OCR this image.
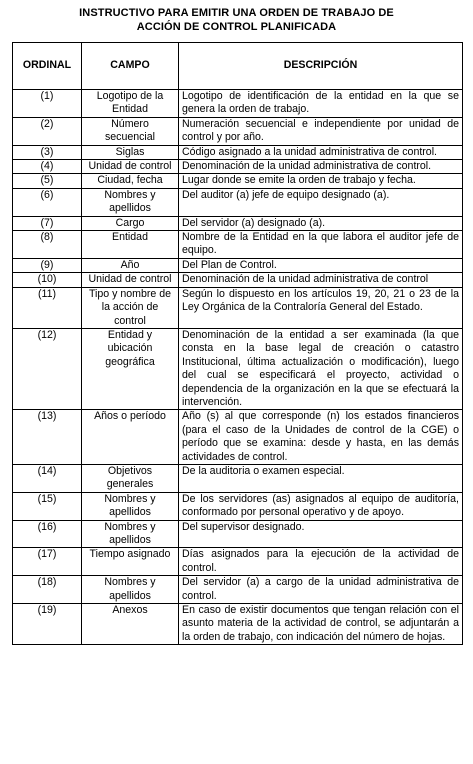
INSTRUCTIVO PARA EMITIR UNA ORDEN DE TRABAJO DE
ACCIÓN DE CONTROL PLANIFICADA
ORDINAL	CAMPO	DESCRIPCIÓN
(1)	Logotipo de la Entidad	Logotipo de identificación de la entidad en la que se genera la orden de trabajo.
(2)	Número secuencial	Numeración secuencial e independiente por unidad de control y por año.
(3)	Siglas	Código asignado a la unidad administrativa de control.
(4)	Unidad de control	Denominación de la unidad administrativa de control.
(5)	Ciudad, fecha	Lugar donde se emite la orden de trabajo y fecha.
(6)	Nombres y apellidos	Del auditor (a) jefe de equipo designado (a).
(7)	Cargo	Del servidor (a) designado (a).
(8)	Entidad	Nombre de la Entidad en la que labora el auditor jefe de equipo.
(9)	Año	Del Plan de Control.
(10)	Unidad de control	Denominación de la unidad administrativa de control
(11)	Tipo y nombre de la acción de control	Según lo dispuesto en los artículos 19, 20, 21 o 23 de la Ley Orgánica de la Contraloría General del Estado.
(12)	Entidad y ubicación geográfica	Denominación de la entidad a ser examinada (la que consta en la base legal de creación o catastro Institucional, última actualización o modificación), luego del cual se especificará el proyecto, actividad o dependencia de la organización en la que se efectuará la intervención.
(13)	Años o período	Año (s) al que corresponde (n) los estados financieros (para el caso de la Unidades de control de la CGE) o período que se examina: desde y hasta, en las demás actividades de control.
(14)	Objetivos generales	De la auditoria o examen especial.
(15)	Nombres y apellidos	De los servidores (as) asignados al equipo de auditoría, conformado por personal operativo y de apoyo.
(16)	Nombres y apellidos	Del supervisor designado.
(17)	Tiempo asignado	Días asignados para la ejecución de la actividad de control.
(18)	Nombres y apellidos	Del servidor (a) a cargo de la unidad administrativa de control.
(19)	Anexos	En caso de existir documentos que tengan relación con el asunto materia de la actividad de control, se adjuntarán a la orden de trabajo, con indicación del número de hojas.
